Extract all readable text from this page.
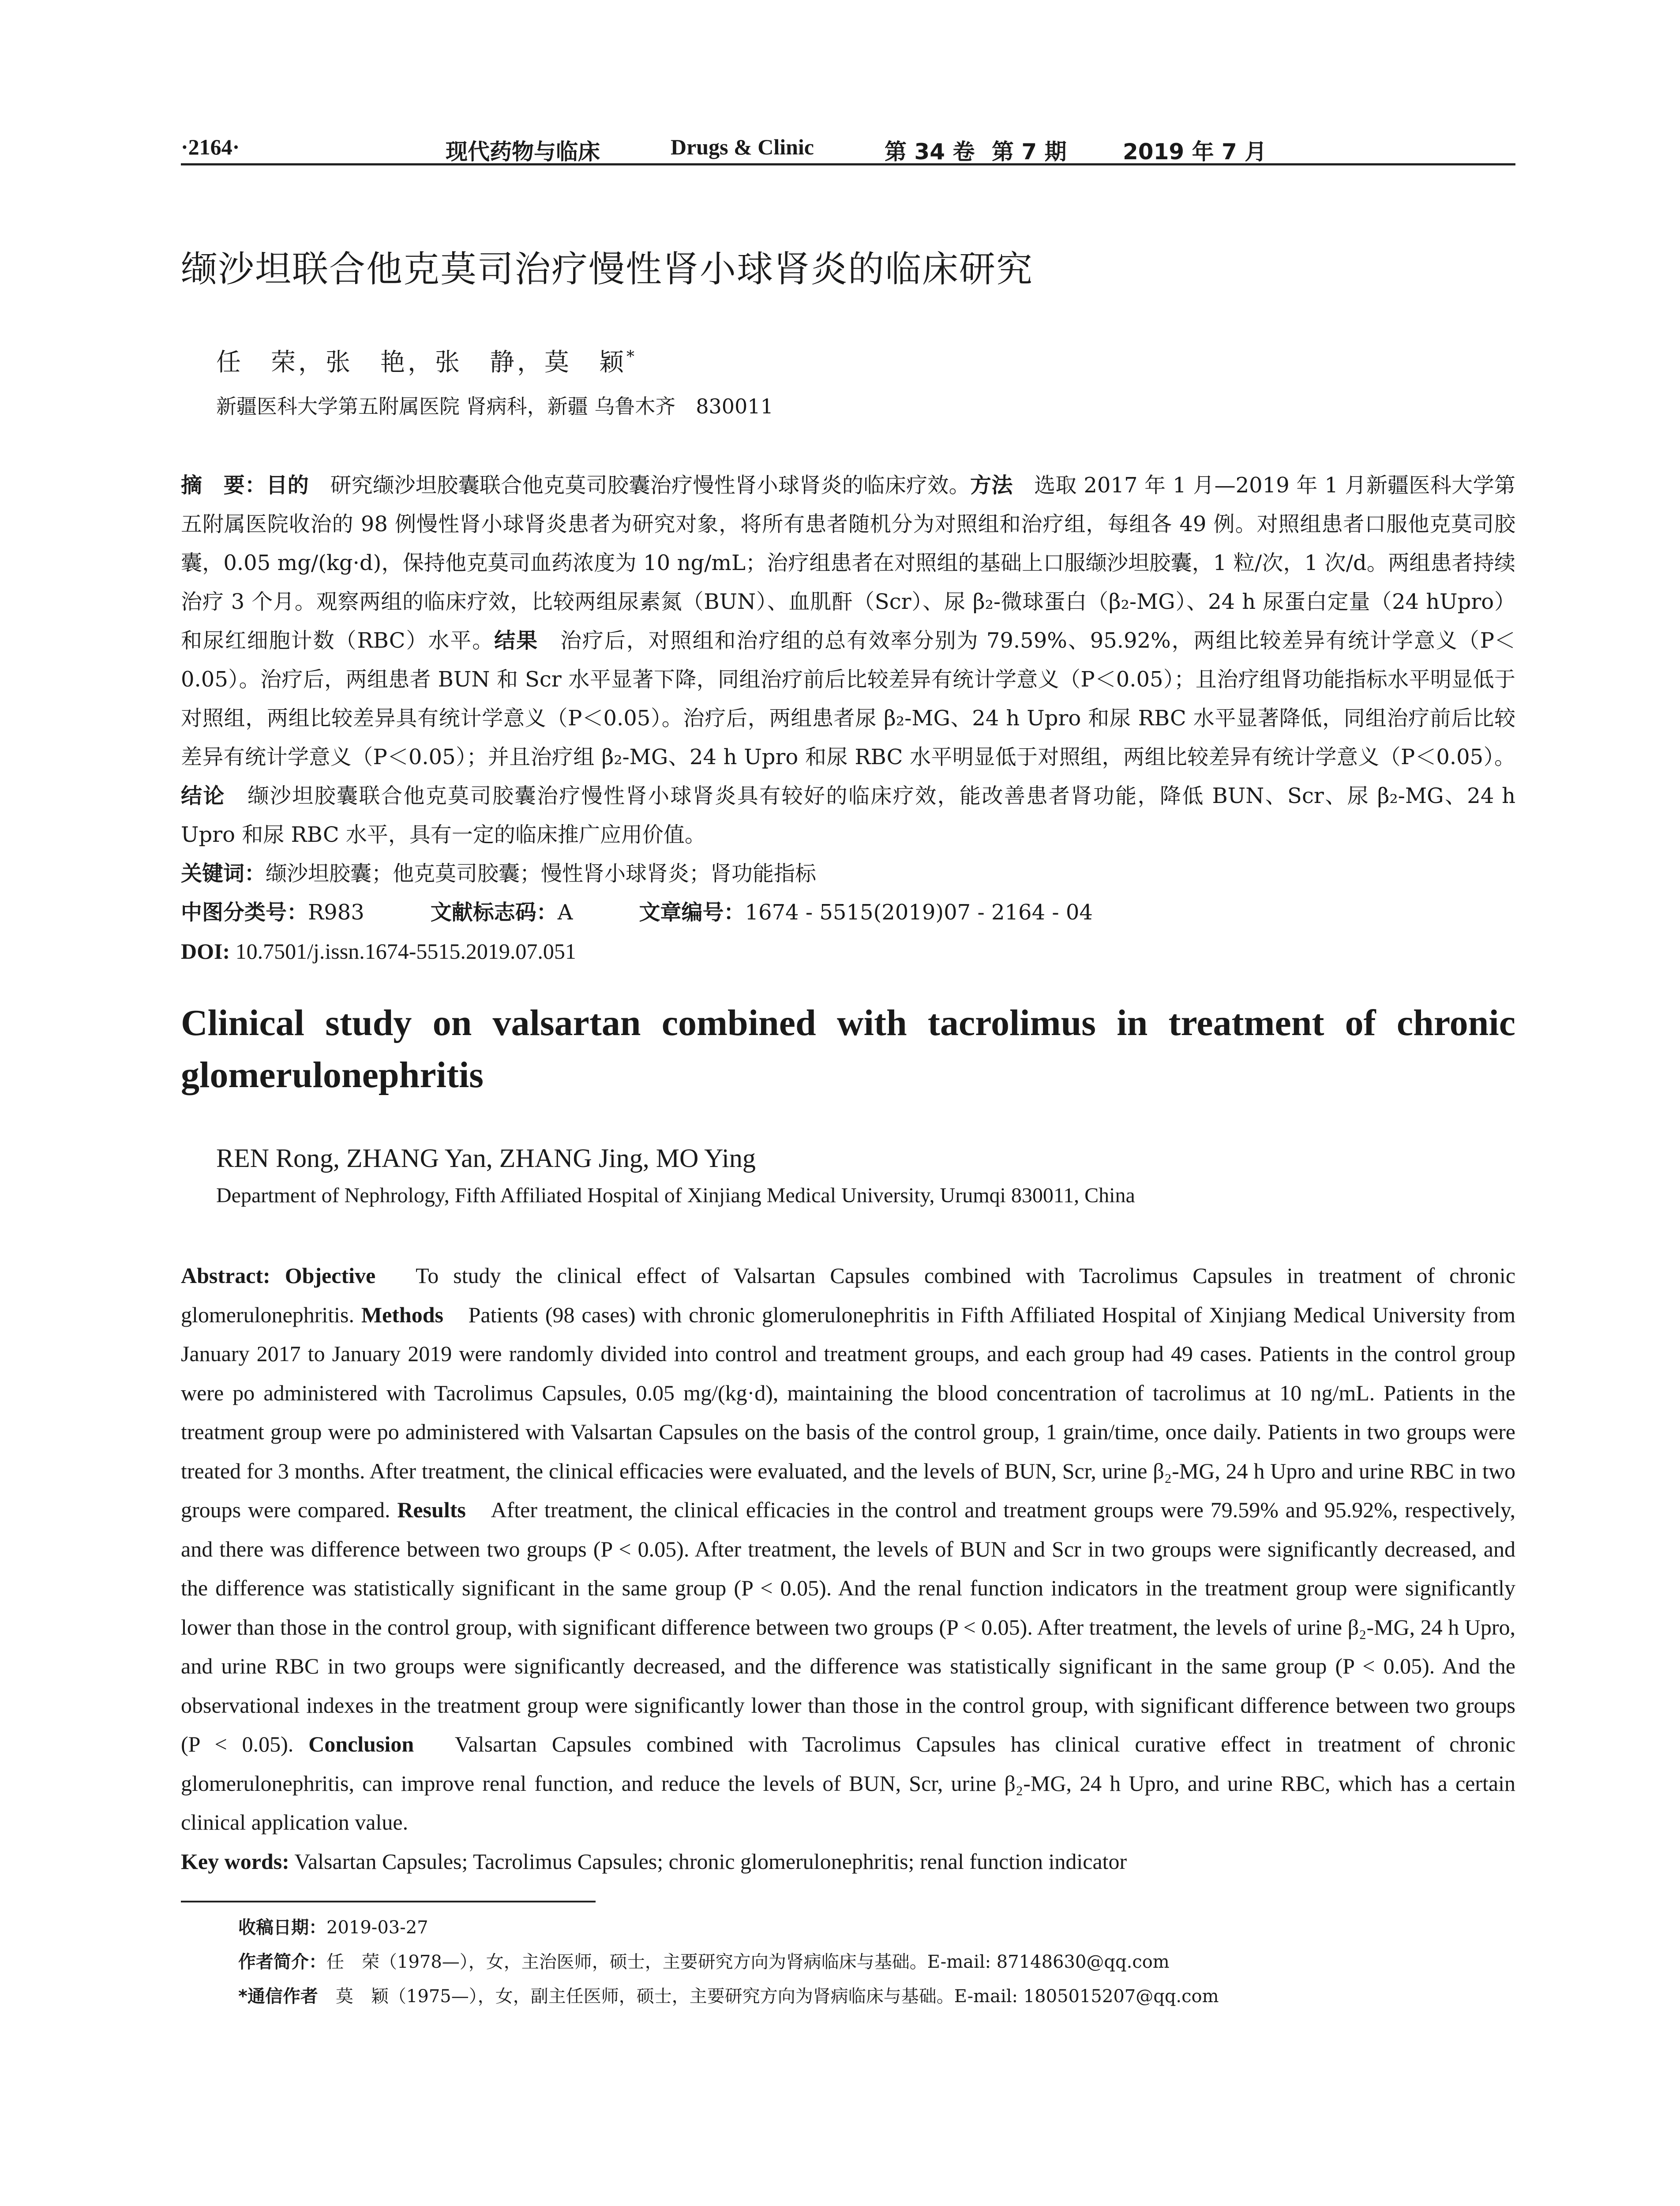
·2164·	现代药物与临床	Drugs & Clinic	第 34 卷 第 7 期	2019 年 7 月
缬沙坦联合他克莫司治疗慢性肾小球肾炎的临床研究
任　荣，张　艳，张　静，莫　颖*
新疆医科大学第五附属医院 肾病科，新疆 乌鲁木齐　830011
摘　要：目的　研究缬沙坦胶囊联合他克莫司胶囊治疗慢性肾小球肾炎的临床疗效。方法　选取 2017 年 1 月—2019 年 1 月新疆医科大学第五附属医院收治的 98 例慢性肾小球肾炎患者为研究对象，将所有患者随机分为对照组和治疗组，每组各 49 例。对照组患者口服他克莫司胶囊，0.05 mg/(kg·d)，保持他克莫司血药浓度为 10 ng/mL；治疗组患者在对照组的基础上口服缬沙坦胶囊，1 粒/次，1 次/d。两组患者持续治疗 3 个月。观察两组的临床疗效，比较两组尿素氮（BUN）、血肌酐（Scr）、尿 β₂-微球蛋白（β₂-MG）、24 h 尿蛋白定量（24 hUpro）和尿红细胞计数（RBC）水平。结果　治疗后，对照组和治疗组的总有效率分别为 79.59%、95.92%，两组比较差异有统计学意义（P＜0.05）。治疗后，两组患者 BUN 和 Scr 水平显著下降，同组治疗前后比较差异有统计学意义（P＜0.05）；且治疗组肾功能指标水平明显低于对照组，两组比较差异具有统计学意义（P＜0.05）。治疗后，两组患者尿 β₂-MG、24 h Upro 和尿 RBC 水平显著降低，同组治疗前后比较差异有统计学意义（P＜0.05）；并且治疗组 β₂-MG、24 h Upro 和尿 RBC 水平明显低于对照组，两组比较差异有统计学意义（P＜0.05）。结论　缬沙坦胶囊联合他克莫司胶囊治疗慢性肾小球肾炎具有较好的临床疗效，能改善患者肾功能，降低 BUN、Scr、尿 β₂-MG、24 h Upro 和尿 RBC 水平，具有一定的临床推广应用价值。
关键词：缬沙坦胶囊；他克莫司胶囊；慢性肾小球肾炎；肾功能指标
中图分类号：R983	文献标志码：A	文章编号：1674 - 5515(2019)07 - 2164 - 04
DOI: 10.7501/j.issn.1674-5515.2019.07.051
Clinical study on valsartan combined with tacrolimus in treatment of chronic glomerulonephritis
REN Rong, ZHANG Yan, ZHANG Jing, MO Ying
Department of Nephrology, Fifth Affiliated Hospital of Xinjiang Medical University, Urumqi 830011, China
Abstract: Objective　To study the clinical effect of Valsartan Capsules combined with Tacrolimus Capsules in treatment of chronic glomerulonephritis. Methods　Patients (98 cases) with chronic glomerulonephritis in Fifth Affiliated Hospital of Xinjiang Medical University from January 2017 to January 2019 were randomly divided into control and treatment groups, and each group had 49 cases. Patients in the control group were po administered with Tacrolimus Capsules, 0.05 mg/(kg·d), maintaining the blood concentration of tacrolimus at 10 ng/mL. Patients in the treatment group were po administered with Valsartan Capsules on the basis of the control group, 1 grain/time, once daily. Patients in two groups were treated for 3 months. After treatment, the clinical efficacies were evaluated, and the levels of BUN, Scr, urine β₂-MG, 24 h Upro and urine RBC in two groups were compared. Results　After treatment, the clinical efficacies in the control and treatment groups were 79.59% and 95.92%, respectively, and there was difference between two groups (P < 0.05). After treatment, the levels of BUN and Scr in two groups were significantly decreased, and the difference was statistically significant in the same group (P < 0.05). And the renal function indicators in the treatment group were significantly lower than those in the control group, with significant difference between two groups (P < 0.05). After treatment, the levels of urine β₂-MG, 24 h Upro, and urine RBC in two groups were significantly decreased, and the difference was statistically significant in the same group (P < 0.05). And the observational indexes in the treatment group were significantly lower than those in the control group, with significant difference between two groups (P < 0.05). Conclusion　Valsartan Capsules combined with Tacrolimus Capsules has clinical curative effect in treatment of chronic glomerulonephritis, can improve renal function, and reduce the levels of BUN, Scr, urine β₂-MG, 24 h Upro, and urine RBC, which has a certain clinical application value.
Key words: Valsartan Capsules; Tacrolimus Capsules; chronic glomerulonephritis; renal function indicator
收稿日期：2019-03-27
作者简介：任　荣（1978—），女，主治医师，硕士，主要研究方向为肾病临床与基础。E-mail: 87148630@qq.com
*通信作者　莫　颖（1975—），女，副主任医师，硕士，主要研究方向为肾病临床与基础。E-mail: 1805015207@qq.com
